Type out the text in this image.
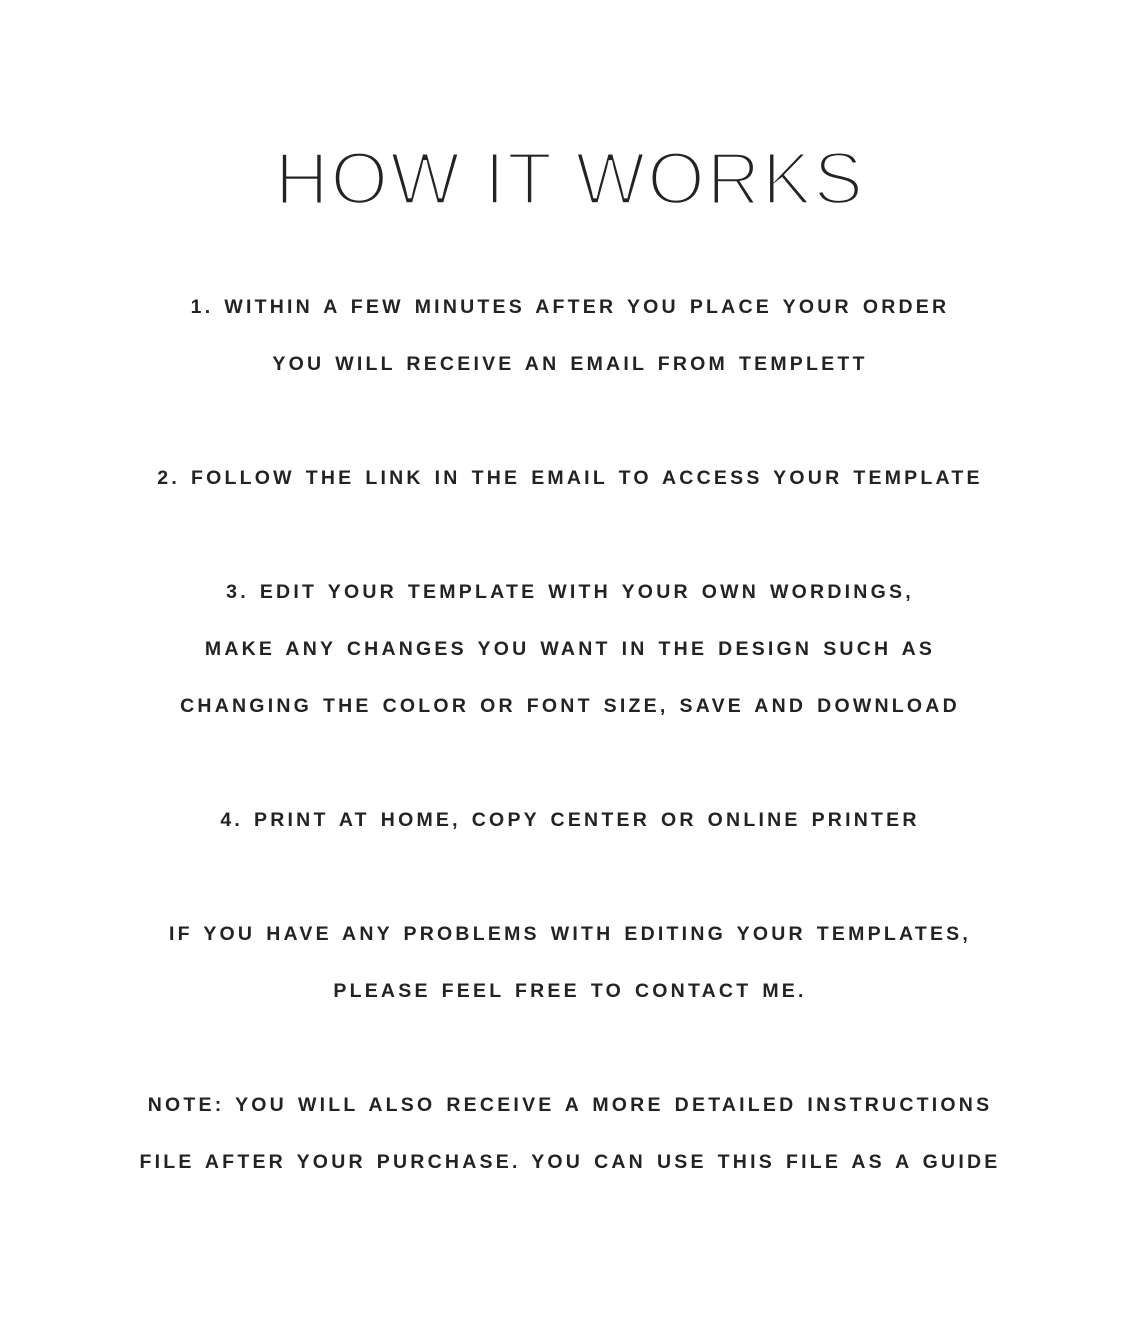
HOW IT WORKS

1. WITHIN A FEW MINUTES AFTER YOU PLACE YOUR ORDER
YOU WILL RECEIVE AN EMAIL FROM TEMPLETT

2. FOLLOW THE LINK IN THE EMAIL TO ACCESS YOUR TEMPLATE

3. EDIT YOUR TEMPLATE WITH YOUR OWN WORDINGS,
MAKE ANY CHANGES YOU WANT IN THE DESIGN SUCH AS
CHANGING THE COLOR OR FONT SIZE, SAVE AND DOWNLOAD

4. PRINT AT HOME, COPY CENTER OR ONLINE PRINTER

IF YOU HAVE ANY PROBLEMS WITH EDITING YOUR TEMPLATES,
PLEASE FEEL FREE TO CONTACT ME.

NOTE: YOU WILL ALSO RECEIVE A MORE DETAILED INSTRUCTIONS
FILE AFTER YOUR PURCHASE. YOU CAN USE THIS FILE AS A GUIDE
